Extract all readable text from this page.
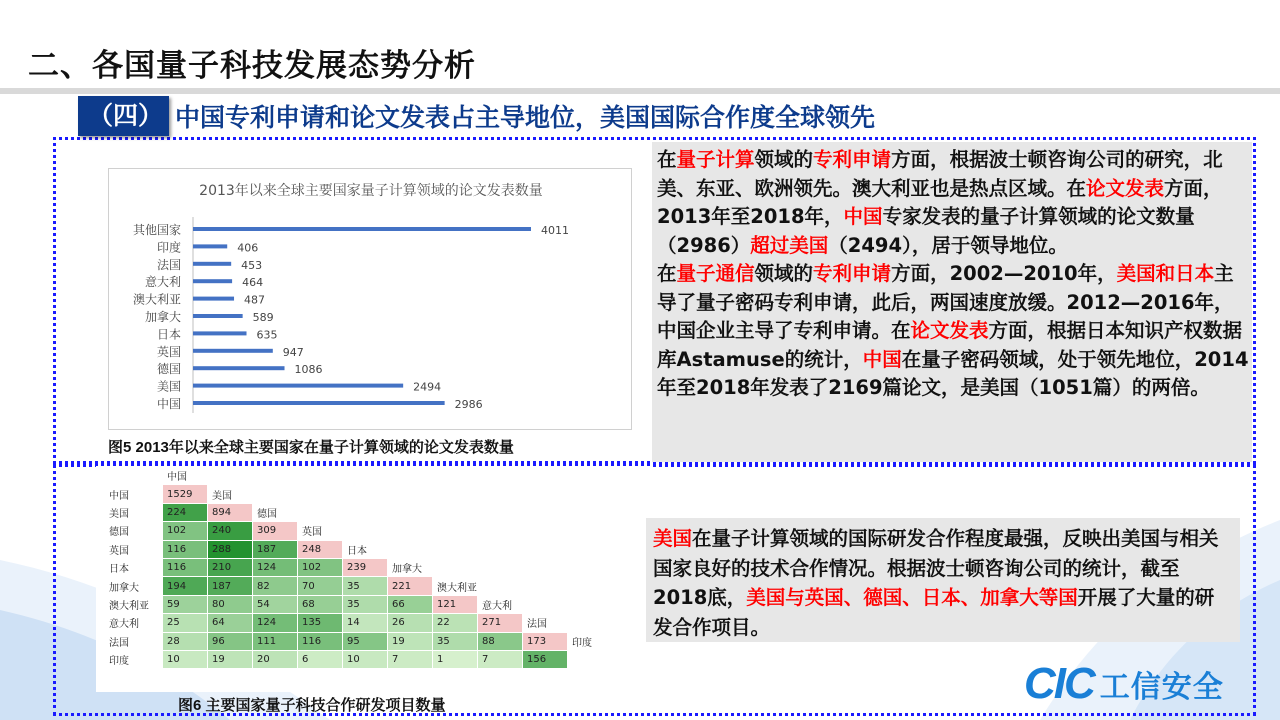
二、各国量子科技发展态势分析
（四） 中国专利申请和论文发表占主导地位，美国国际合作度全球领先
2013年以来全球主要国家量子计算领域的论文发表数量
其他国家	4011
印度	406
法国	453
意大利	464
澳大利亚	487
加拿大	589
日本	635
英国	947
德国	1086
美国	2494
中国	2986
图5 2013年以来全球主要国家在量子计算领域的论文发表数量

在量子计算领域的专利申请方面，根据波士顿咨询公司的研究，北美、东亚、欧洲领先。澳大利亚也是热点区域。在论文发表方面，2013年至2018年，中国专家发表的量子计算领域的论文数量（2986）超过美国（2494），居于领导地位。

在量子通信领域的专利申请方面，2002—2010年，美国和日本主导了量子密码专利申请，此后，两国速度放缓。2012—2016年，中国企业主导了专利申请。在论文发表方面，根据日本知识产权数据库Astamuse的统计，中国在量子密码领域，处于领先地位，2014年至2018年发表了2169篇论文，是美国（1051篇）的两倍。

	中国									
中国	1529	美国								
美国	224	894	德国							
德国	102	240	309	英国						
英国	116	288	187	248	日本					
日本	116	210	124	102	239	加拿大				
加拿大	194	187	82	70	35	221	澳大利亚			
澳大利亚	59	80	54	68	35	66	121	意大利		
意大利	25	64	124	135	14	26	22	271	法国	
法国	28	96	111	116	95	19	35	88	173	印度
印度	10	19	20	6	10	7	1	7	156	
图6 主要国家量子科技合作研发项目数量

美国在量子计算领域的国际研发合作程度最强，反映出美国与相关国家良好的技术合作情况。根据波士顿咨询公司的统计，截至2018底，美国与英国、德国、日本、加拿大等国开展了大量的研发合作项目。

CIC 工信安全
